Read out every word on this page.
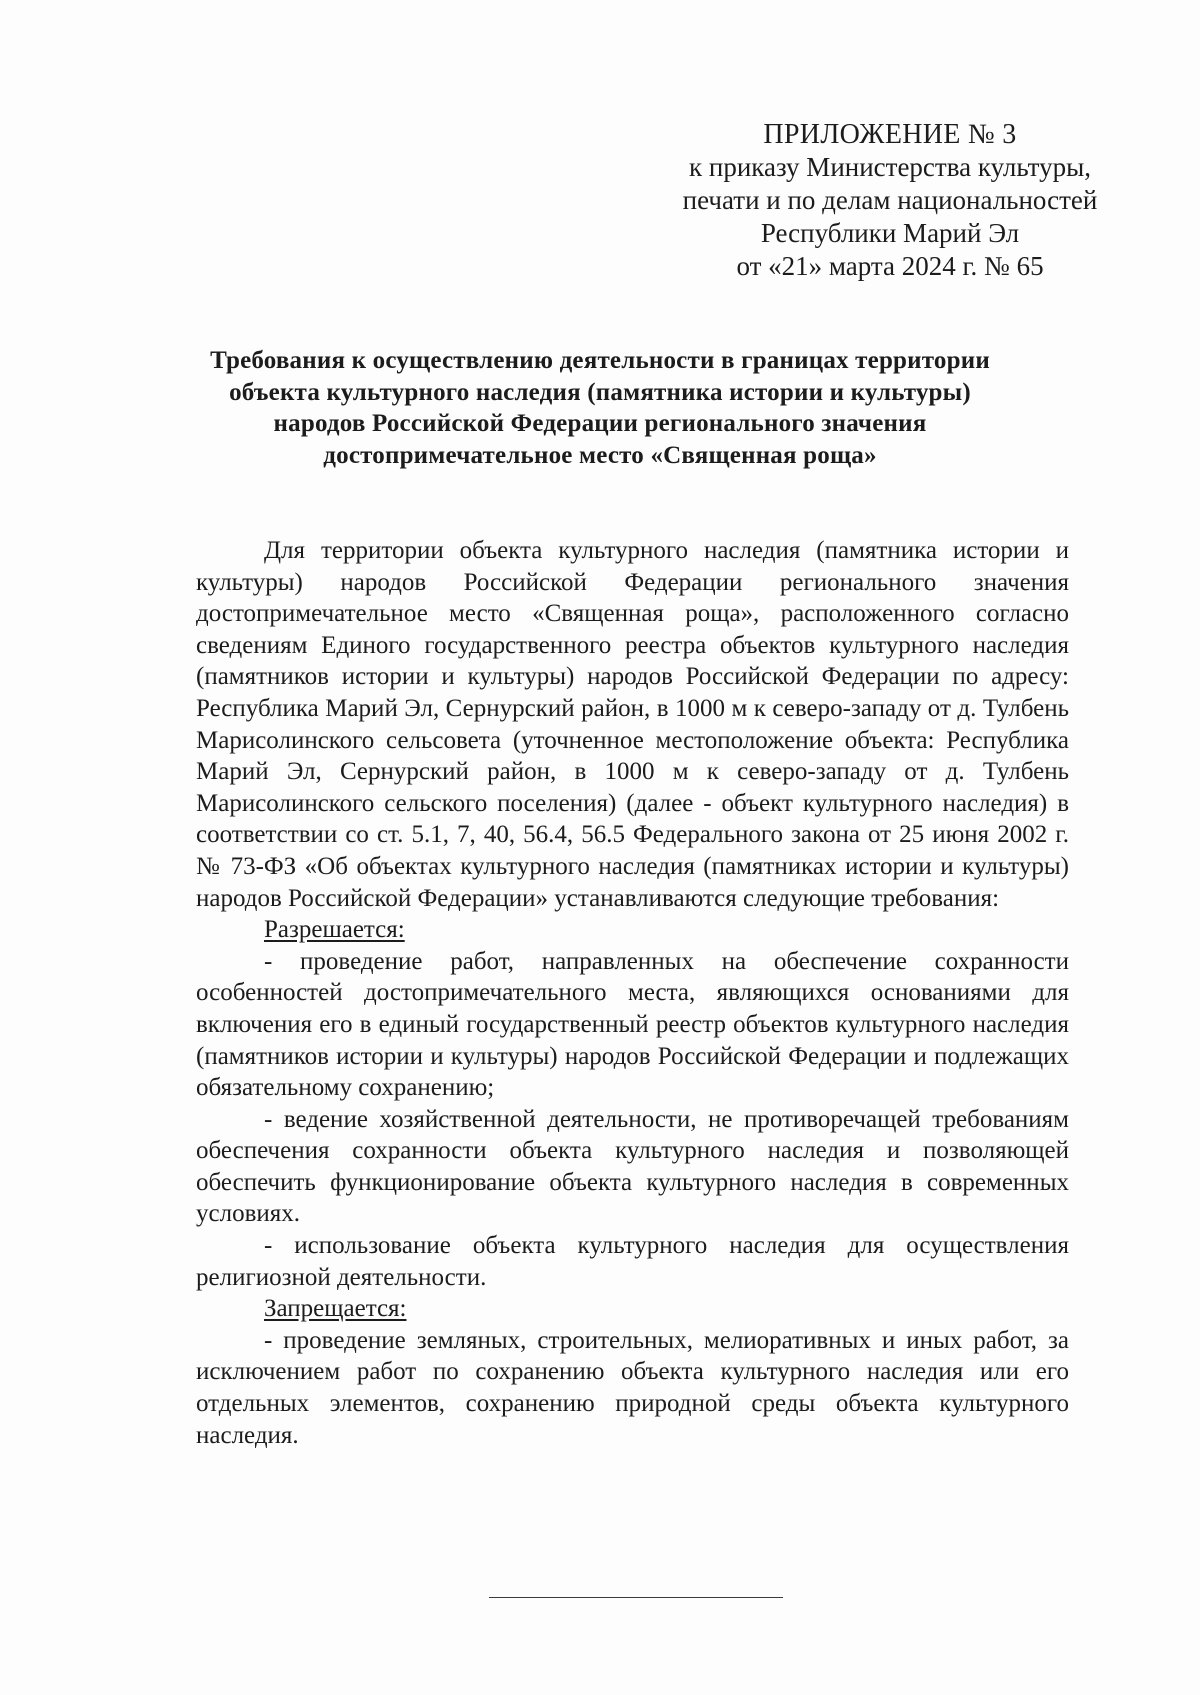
ПРИЛОЖЕНИЕ № 3
к приказу Министерства культуры,
печати и по делам национальностей
Республики Марий Эл
от «21» марта 2024 г. № 65
Требования к осуществлению деятельности в границах территории
объекта культурного наследия (памятника истории и культуры)
народов Российской Федерации регионального значения
достопримечательное место «Священная роща»

Для территории объекта культурного наследия (памятника истории и культуры) народов Российской Федерации регионального значения достопримечательное место «Священная роща», расположенного согласно сведениям Единого государственного реестра объектов культурного наследия (памятников истории и культуры) народов Российской Федерации по адресу: Республика Марий Эл, Сернурский район, в 1000 м к северо-западу от д. Тулбень Марисолинского сельсовета (уточненное местоположение объекта: Республика Марий Эл, Сернурский район, в 1000 м к северо-западу от д. Тулбень Марисолинского сельского поселения) (далее - объект культурного наследия) в соответствии со ст. 5.1, 7, 40, 56.4, 56.5 Федерального закона от 25 июня 2002 г. № 73-ФЗ «Об объектах культурного наследия (памятниках истории и культуры) народов Российской Федерации» устанавливаются следующие требования:

Разрешается:

- проведение работ, направленных на обеспечение сохранности особенностей достопримечательного места, являющихся основаниями для включения его в единый государственный реестр объектов культурного наследия (памятников истории и культуры) народов Российской Федерации и подлежащих обязательному сохранению;

- ведение хозяйственной деятельности, не противоречащей требованиям обеспечения сохранности объекта культурного наследия и позволяющей обеспечить функционирование объекта культурного наследия в современных условиях.

- использование объекта культурного наследия для осуществления религиозной деятельности.

Запрещается:

- проведение земляных, строительных, мелиоративных и иных работ, за исключением работ по сохранению объекта культурного наследия или его отдельных элементов, сохранению природной среды объекта культурного наследия.
